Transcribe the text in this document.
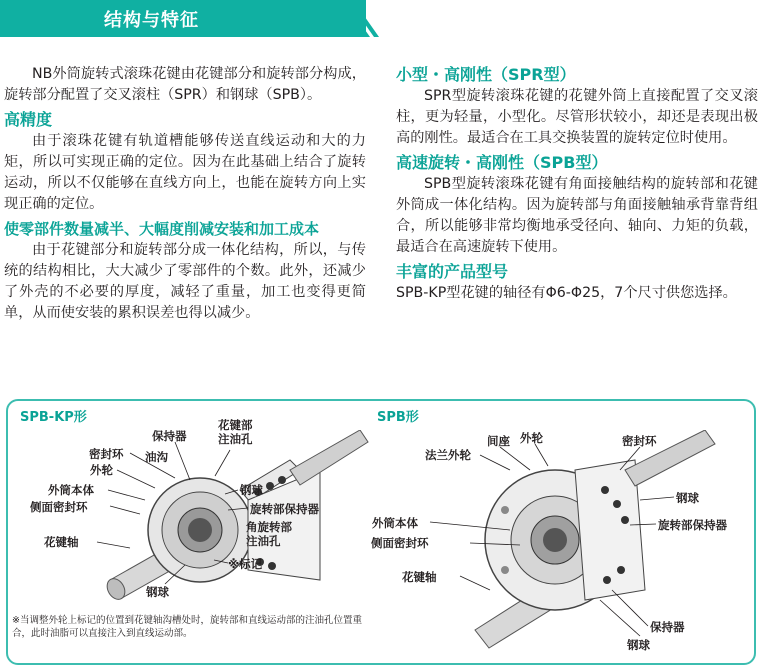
结构与特征

NB外筒旋转式滚珠花键由花键部分和旋转部分构成，旋转部分配置了交叉滚柱（SPR）和钢球（SPB）。

高精度

由于滚珠花键有轨道槽能够传送直线运动和大的力矩，所以可实现正确的定位。因为在此基础上结合了旋转运动，所以不仅能够在直线方向上，也能在旋转方向上实现正确的定位。

使零部件数量减半、大幅度削减安装和加工成本

由于花键部分和旋转部分成一体化结构，所以，与传统的结构相比，大大减少了零部件的个数。此外，还减少了外壳的不必要的厚度，减轻了重量，加工也变得更简单，从而使安装的累积误差也得以减少。

小型・高刚性（SPR型）

SPR型旋转滚珠花键的花键外筒上直接配置了交叉滚柱，更为轻量，小型化。尽管形状较小，却还是表现出极高的刚性。最适合在工具交换装置的旋转定位时使用。

高速旋转・高刚性（SPB型）

SPB型旋转滚珠花键有角面接触结构的旋转部和花键外筒成一体化结构。因为旋转部与角面接触轴承背靠背组合，所以能够非常均衡地承受径向、轴向、力矩的负载，最适合在高速旋转下使用。

丰富的产品型号

SPB-KP型花键的轴径有Φ6-Φ25，7个尺寸供您选择。

SPB-KP形
保持器
密封环 油沟
外轮
花键部
注油孔
外筒本体	钢球
侧面密封环	旋转部保持器
角旋转部
注油孔
花键轴
※标记
钢球
※当调整外轮上标记的位置到花键轴沟槽处时，旋转部和直线运动部的注油孔位置重合，此时油脂可以直接注入到直线运动部。
SPB形
间座 外轮	密封环
法兰外轮
钢球
外筒本体	旋转部保持器
侧面密封环
花键轴
保持器
钢球
